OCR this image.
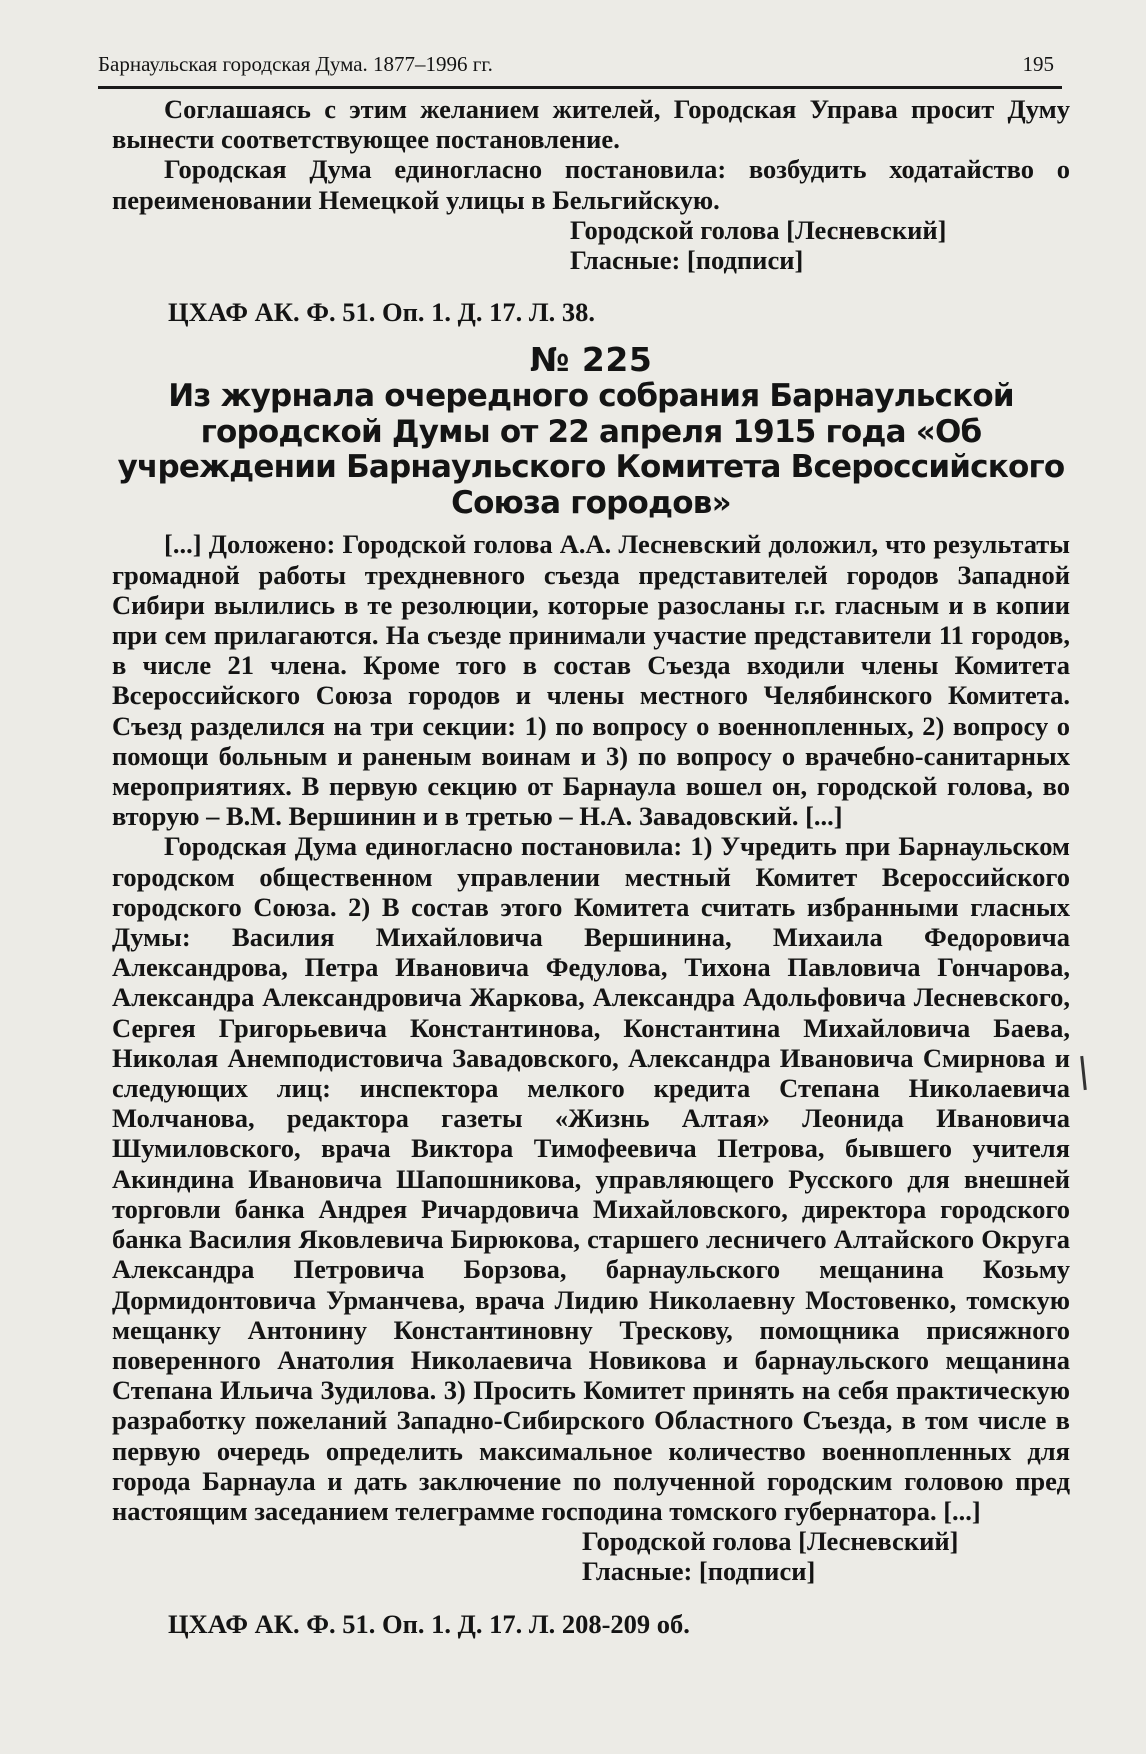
Барнаульская городская Дума. 1877–1996 гг.	195

Соглашаясь с этим желанием жителей, Городская Управа просит Думу вынести соответствующее постановление.

Городская Дума единогласно постановила: возбудить ходатайство о переименовании Немецкой улицы в Бельгийскую.

Городской голова [Лесневский]

Гласные: [подписи]

ЦХАФ АК. Ф. 51. Оп. 1. Д. 17. Л. 38.

№ 225

Из журнала очередного собрания Барнаульской городской Думы от 22 апреля 1915 года «Об учреждении Барнаульского Комитета Всероссийского Союза городов»

[...] Доложено: Городской голова А.А. Лесневский доложил, что результаты громадной работы трехдневного съезда представителей городов Западной Сибири вылились в те резолюции, которые разосланы г.г. гласным и в копии при сем прилагаются. На съезде принимали участие представители 11 городов, в числе 21 члена. Кроме того в состав Съезда входили члены Комитета Всероссийского Союза городов и члены местного Челябинского Комитета. Съезд разделился на три секции: 1) по вопросу о военнопленных, 2) вопросу о помощи больным и раненым воинам и 3) по вопросу о врачебно-санитарных мероприятиях. В первую секцию от Барнаула вошел он, городской голова, во вторую – В.М. Вершинин и в третью – Н.А. Завадовский. [...]

Городская Дума единогласно постановила: 1) Учредить при Барнаульском городском общественном управлении местный Комитет Всероссийского городского Союза. 2) В состав этого Комитета считать избранными гласных Думы: Василия Михайловича Вершинина, Михаила Федоровича Александрова, Петра Ивановича Федулова, Тихона Павловича Гончарова, Александра Александровича Жаркова, Александра Адольфовича Лесневского, Сергея Григорьевича Константинова, Константина Михайловича Баева, Николая Анемподистовича Завадовского, Александра Ивановича Смирнова и следующих лиц: инспектора мелкого кредита Степана Николаевича Молчанова, редактора газеты «Жизнь Алтая» Леонида Ивановича Шумиловского, врача Виктора Тимофеевича Петрова, бывшего учителя Акиндина Ивановича Шапошникова, управляющего Русского для внешней торговли банка Андрея Ричардовича Михайловского, директора городского банка Василия Яковлевича Бирюкова, старшего лесничего Алтайского Округа Александра Петровича Борзова, барнаульского мещанина Козьму Дормидонтовича Урманчева, врача Лидию Николаевну Мостовенко, томскую мещанку Антонину Константиновну Трескову, помощника присяжного поверенного Анатолия Николаевича Новикова и барнаульского мещанина Степана Ильича Зудилова. 3) Просить Комитет принять на себя практическую разработку пожеланий Западно-Сибирского Областного Съезда, в том числе в первую очередь определить максимальное количество военнопленных для города Барнаула и дать заключение по полученной городским головою пред настоящим заседанием телеграмме господина томского губернатора. [...]

Городской голова [Лесневский]

Гласные: [подписи]

ЦХАФ АК. Ф. 51. Оп. 1. Д. 17. Л. 208-209 об.
